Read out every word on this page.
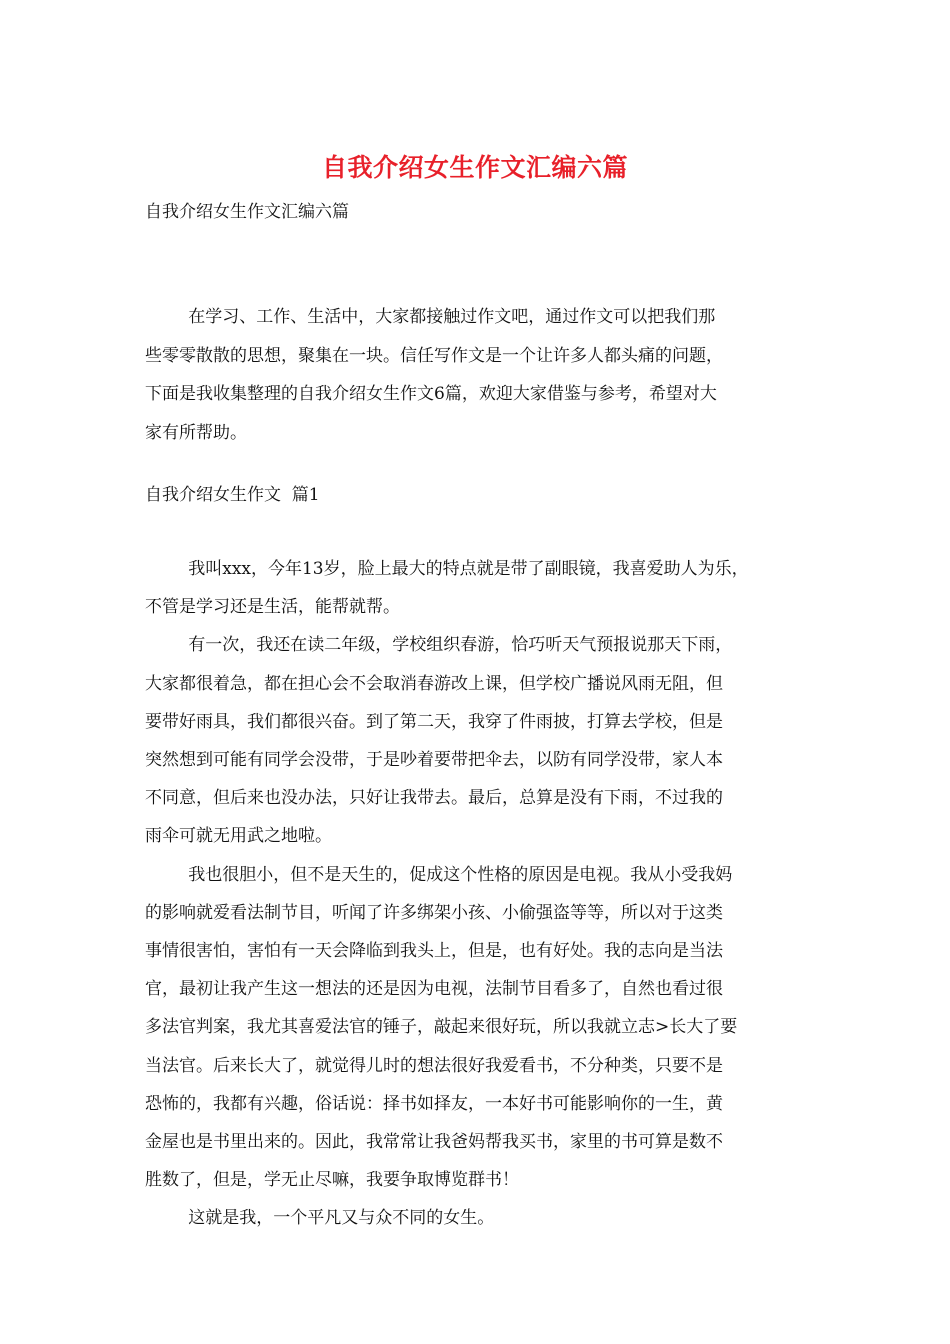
自我介绍女生作文汇编六篇
自我介绍女生作文汇编六篇
在学习、工作、生活中，大家都接触过作文吧，通过作文可以把我们那
些零零散散的思想，聚集在一块。信任写作文是一个让许多人都头痛的问题，
下面是我收集整理的自我介绍女生作文6篇，欢迎大家借鉴与参考，希望对大
家有所帮助。
自我介绍女生作文  篇1
我叫xxx，今年13岁，脸上最大的特点就是带了副眼镜，我喜爱助人为乐，
不管是学习还是生活，能帮就帮。
有一次，我还在读二年级，学校组织春游，恰巧听天气预报说那天下雨，
大家都很着急，都在担心会不会取消春游改上课，但学校广播说风雨无阻，但
要带好雨具，我们都很兴奋。到了第二天，我穿了件雨披，打算去学校，但是
突然想到可能有同学会没带，于是吵着要带把伞去，以防有同学没带，家人本
不同意，但后来也没办法，只好让我带去。最后，总算是没有下雨，不过我的
雨伞可就无用武之地啦。
我也很胆小，但不是天生的，促成这个性格的原因是电视。我从小受我妈
的影响就爱看法制节目，听闻了许多绑架小孩、小偷强盗等等，所以对于这类
事情很害怕，害怕有一天会降临到我头上，但是，也有好处。我的志向是当法
官，最初让我产生这一想法的还是因为电视，法制节目看多了，自然也看过很
多法官判案，我尤其喜爱法官的锤子，敲起来很好玩，所以我就立志>长大了要
当法官。后来长大了，就觉得儿时的想法很好我爱看书，不分种类，只要不是
恐怖的，我都有兴趣，俗话说：择书如择友，一本好书可能影响你的一生，黄
金屋也是书里出来的。因此，我常常让我爸妈帮我买书，家里的书可算是数不
胜数了，但是，学无止尽嘛，我要争取博览群书！
这就是我，一个平凡又与众不同的女生。
